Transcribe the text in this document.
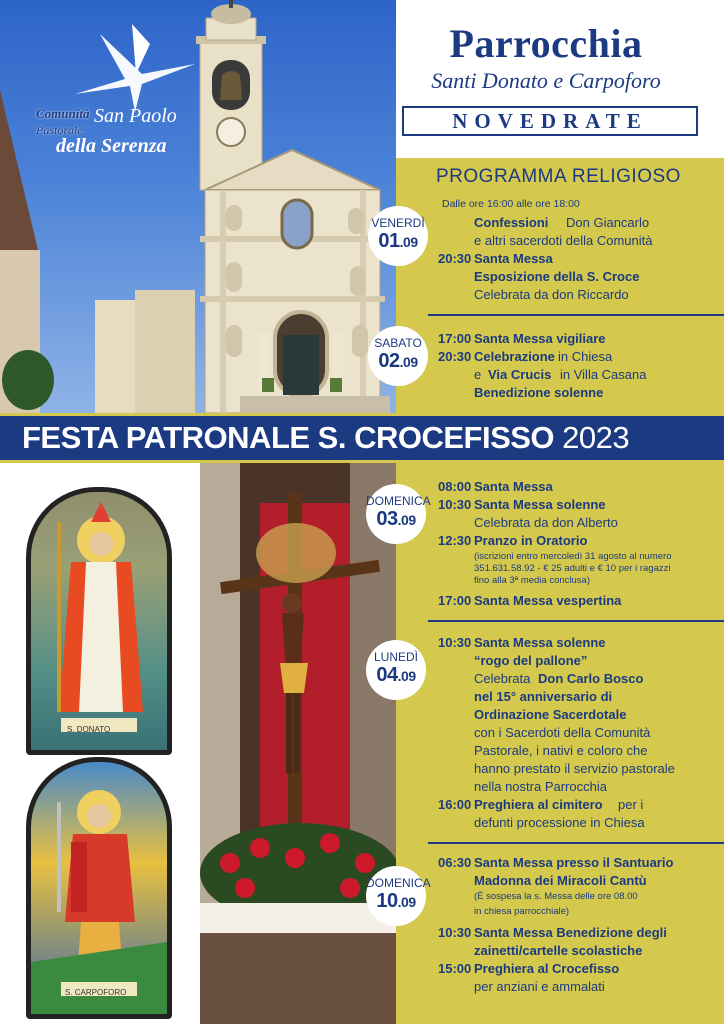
Comunità
Pastorale
San Paolo
della Serenza
Parrocchia
Santi Donato e Carpoforo
NOVEDRATE
PROGRAMMA RELIGIOSO
Dalle ore 16:00 alle ore 18:00
VENERDÌ
01.09
SABATO
02.09
Confessioni Don Giancarlo
e altri sacerdoti della Comunità
20:30 Santa Messa
Esposizione della S. Croce
Celebrata da don Riccardo
17:00 Santa Messa vigiliare
20:30 Celebrazione in Chiesa
e Via Crucis in Villa Casana
Benedizione solenne
FESTA PATRONALE S. CROCEFISSO 2023
S. DONATO
S. CARPOFORO
DOMENICA
03.09
LUNEDÌ
04.09
DOMENICA
10.09
08:00 Santa Messa
10:30 Santa Messa solenne
Celebrata da don Alberto
12:30 Pranzo in Oratorio
(iscrizioni entro mercoledì 31 agosto al numero
351.631.58.92 - € 25 adulti e € 10 per i ragazzi
fino alla 3ª media conclusa)
17:00 Santa Messa vespertina
10:30 Santa Messa solenne
“rogo del pallone”
Celebrata Don Carlo Bosco
nel 15° anniversario di
Ordinazione Sacerdotale
con i Sacerdoti della Comunità
Pastorale, i nativi e coloro che
hanno prestato il servizio pastorale
nella nostra Parrocchia
16:00 Preghiera al cimitero per i
defunti processione in Chiesa
06:30 Santa Messa presso il Santuario
Madonna dei Miracoli Cantù
(È sospesa la s. Messa delle ore 08.00
in chiesa parrocchiale)
10:30 Santa Messa Benedizione degli
zainetti/cartelle scolastiche
15:00 Preghiera al Crocefisso
per anziani e ammalati
